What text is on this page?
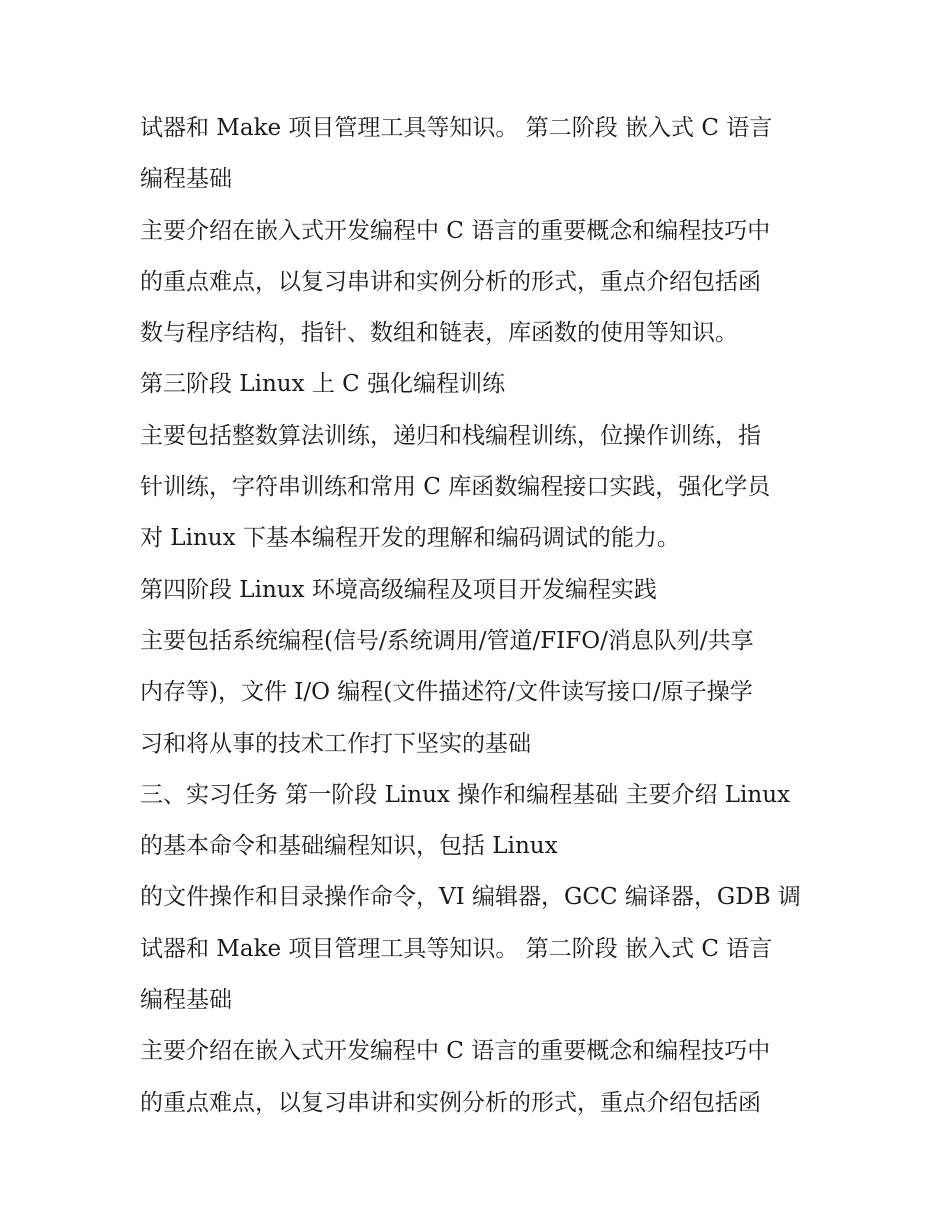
试器和 Make 项目管理工具等知识。 第二阶段 嵌入式 C 语言
编程基础
主要介绍在嵌入式开发编程中 C 语言的重要概念和编程技巧中
的重点难点，以复习串讲和实例分析的形式，重点介绍包括函
数与程序结构，指针、数组和链表，库函数的使用等知识。
第三阶段 Linux 上 C 强化编程训练
主要包括整数算法训练，递归和栈编程训练，位操作训练，指
针训练，字符串训练和常用 C 库函数编程接口实践，强化学员
对 Linux 下基本编程开发的理解和编码调试的能力。
第四阶段 Linux 环境高级编程及项目开发编程实践
主要包括系统编程(信号/系统调用/管道/FIFO/消息队列/共享
内存等)，文件 I/O 编程(文件描述符/文件读写接口/原子操学
习和将从事的技术工作打下坚实的基础
三、实习任务 第一阶段 Linux 操作和编程基础 主要介绍 Linux
的基本命令和基础编程知识，包括 Linux
的文件操作和目录操作命令，VI 编辑器，GCC 编译器，GDB 调
试器和 Make 项目管理工具等知识。 第二阶段 嵌入式 C 语言
编程基础
主要介绍在嵌入式开发编程中 C 语言的重要概念和编程技巧中
的重点难点，以复习串讲和实例分析的形式，重点介绍包括函
